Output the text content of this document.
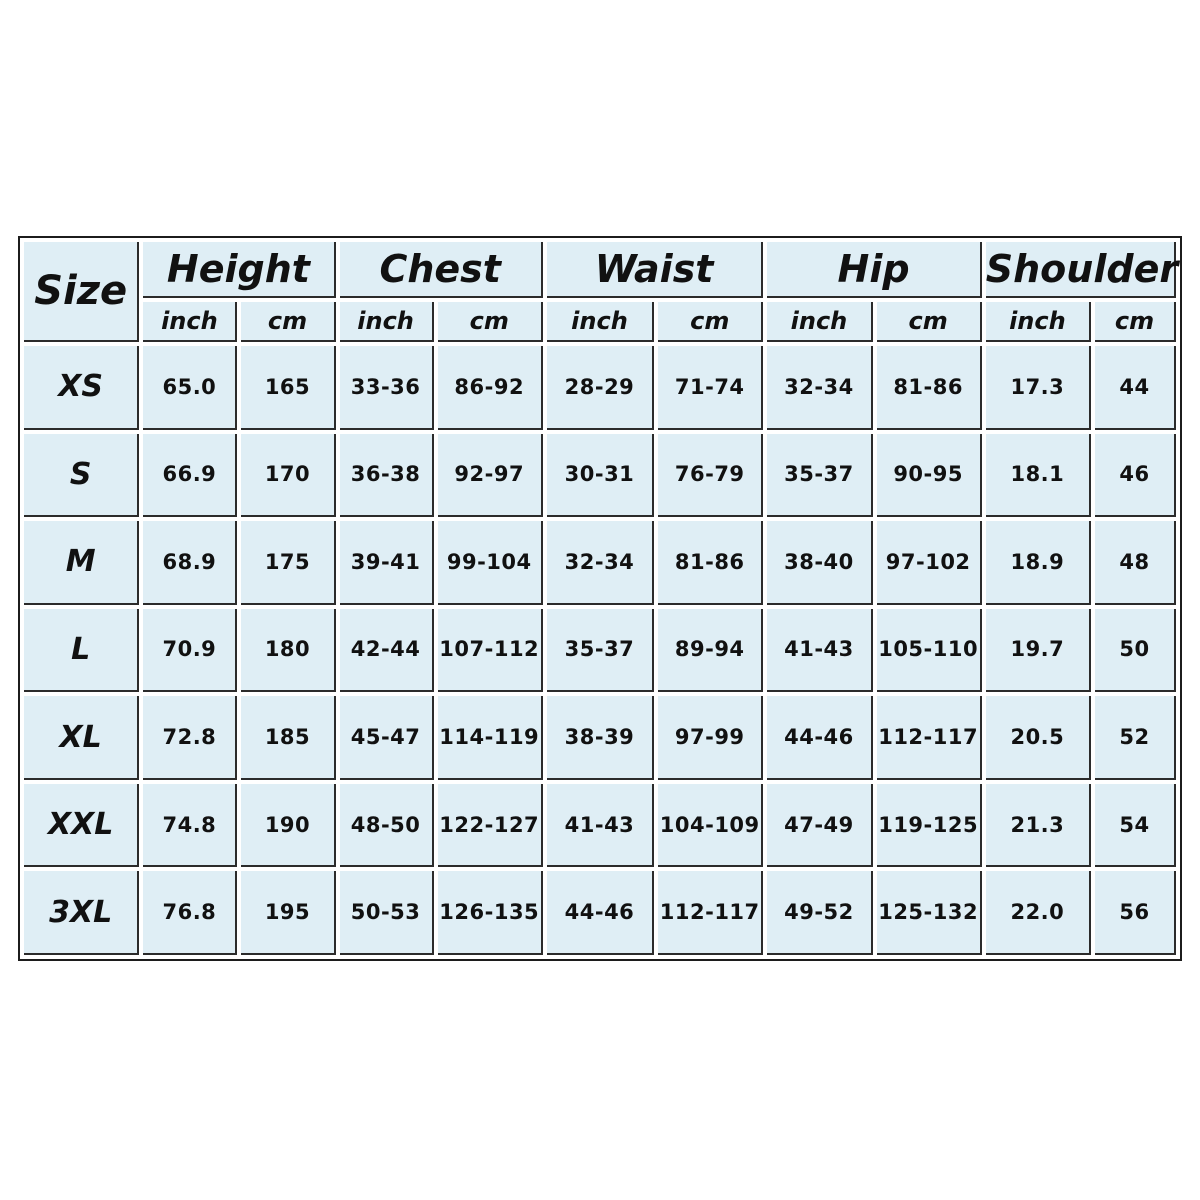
Size	Height		Chest		Waist		Hip		Shoulder	
	inch	cm	inch	cm	inch	cm	inch	cm	inch	cm
XS	65.0	165	33-36	86-92	28-29	71-74	32-34	81-86	17.3	44
S	66.9	170	36-38	92-97	30-31	76-79	35-37	90-95	18.1	46
M	68.9	175	39-41	99-104	32-34	81-86	38-40	97-102	18.9	48
L	70.9	180	42-44	107-112	35-37	89-94	41-43	105-110	19.7	50
XL	72.8	185	45-47	114-119	38-39	97-99	44-46	112-117	20.5	52
XXL	74.8	190	48-50	122-127	41-43	104-109	47-49	119-125	21.3	54
3XL	76.8	195	50-53	126-135	44-46	112-117	49-52	125-132	22.0	56
